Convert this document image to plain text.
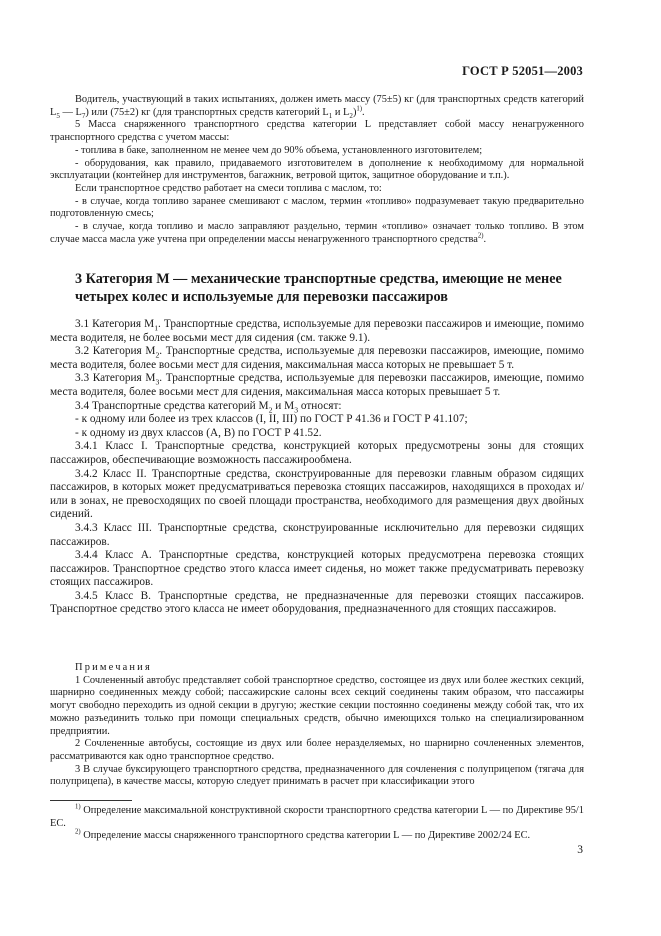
ГОСТ Р 52051—2003

Водитель, участвующий в таких испытаниях, должен иметь массу (75±5) кг (для транспортных средств категорий $L_5$ — $L_7$) или (75±2) кг (для транспортных средств категорий $L_1$ и $L_2)^{1)}$.

5 Масса снаряженного транспортного средства категории L представляет собой массу ненагруженного транспортного средства с учетом массы:

- топлива в баке, заполненном не менее чем до 90% объема, установленного изготовителем;

- оборудования, как правило, придаваемого изготовителем в дополнение к необходимому для нормальной эксплуатации (контейнер для инструментов, багажник, ветровой щиток, защитное оборудование и т.п.).

Если транспортное средство работает на смеси топлива с маслом, то:

- в случае, когда топливо заранее смешивают с маслом, термин «топливо» подразумевает такую предварительно подготовленную смесь;

- в случае, когда топливо и масло заправляют раздельно, термин «топливо» означает только топливо. В этом случае масса масла уже учтена при определении массы ненагруженного транспортного средства$^{2)}$.

3 Категория М — механические транспортные средства, имеющие не менее четырех колес и используемые для перевозки пассажиров

3.1 Категория $М_1$. Транспортные средства, используемые для перевозки пассажиров и имеющие, помимо места водителя, не более восьми мест для сидения (см. также 9.1).

3.2 Категория $М_2$. Транспортные средства, используемые для перевозки пассажиров, имеющие, помимо места водителя, более восьми мест для сидения, максимальная масса которых не превышает 5 т.

3.3 Категория $М_3$. Транспортные средства, используемые для перевозки пассажиров, имеющие, помимо места водителя, более восьми мест для сидения, максимальная масса которых превышает 5 т.

3.4 Транспортные средства категорий $М_2$ и $М_3$ относят:

- к одному или более из трех классов (I, II, III) по ГОСТ Р 41.36 и ГОСТ Р 41.107;

- к одному из двух классов (А, В) по ГОСТ Р 41.52.

3.4.1 Класс I. Транспортные средства, конструкцией которых предусмотрены зоны для стоящих пассажиров, обеспечивающие возможность пассажирообмена.

3.4.2 Класс II. Транспортные средства, сконструированные для перевозки главным образом сидящих пассажиров, в которых может предусматриваться перевозка стоящих пассажиров, находящихся в проходах и/или в зонах, не превосходящих по своей площади пространства, необходимого для размещения двух двойных сидений.

3.4.3 Класс III. Транспортные средства, сконструированные исключительно для перевозки сидящих пассажиров.

3.4.4 Класс А. Транспортные средства, конструкцией которых предусмотрена перевозка стоящих пассажиров. Транспортное средство этого класса имеет сиденья, но может также предусматривать перевозку стоящих пассажиров.

3.4.5 Класс В. Транспортные средства, не предназначенные для перевозки стоящих пассажиров. Транспортное средство этого класса не имеет оборудования, предназначенного для стоящих пассажиров.

Примечания

1 Сочлененный автобус представляет собой транспортное средство, состоящее из двух или более жестких секций, шарнирно соединенных между собой; пассажирские салоны всех секций соединены таким образом, что пассажиры могут свободно переходить из одной секции в другую; жесткие секции постоянно соединены между собой так, что их можно разъединить только при помощи специальных средств, обычно имеющихся только на специализированном предприятии.

2 Сочлененные автобусы, состоящие из двух или более неразделяемых, но шарнирно сочлененных элементов, рассматриваются как одно транспортное средство.

3 В случае буксирующего транспортного средства, предназначенного для сочленения с полуприцепом (тягача для полуприцепа), в качестве массы, которую следует принимать в расчет при классификации этого

$^{1)}$ Определение максимальной конструктивной скорости транспортного средства категории L — по Директиве 95/1 ЕС.

$^{2)}$ Определение массы снаряженного транспортного средства категории L — по Директиве 2002/24 ЕС.

3
